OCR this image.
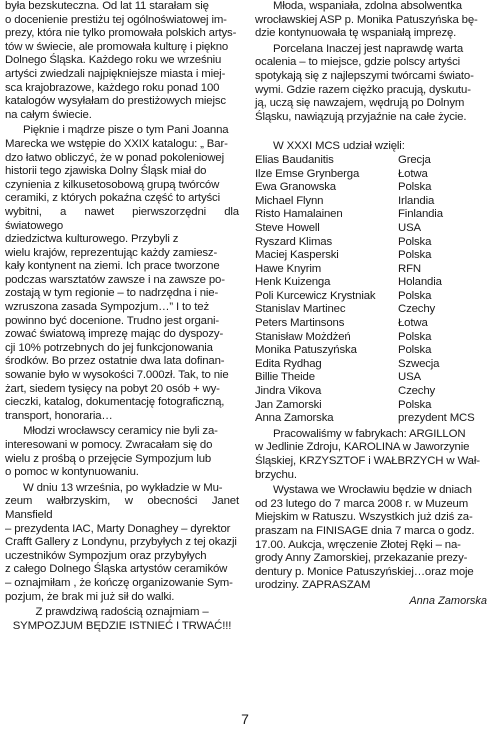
była bezskuteczna. Od lat 11 starałam się
o docenienie prestiżu tej ogólnoświatowej im-
prezy, która nie tylko promowała polskich artys-
tów w świecie, ale promowała kulturę i piękno
Dolnego Śląska. Każdego roku we wrześniu
artyści zwiedzali najpiękniejsze miasta i miej-
sca krajobrazowe, każdego roku ponad 100
katalogów wysyłałam do prestiżowych miejsc
na całym świecie.

Pięknie i mądrze pisze o tym Pani Joanna
Marecka we wstępie do XXIX katalogu: „ Bar-
dzo łatwo obliczyć, że w ponad pokoleniowej
historii tego zjawiska Dolny Śląsk miał do
czynienia z kilkusetosobową grupą twórców
ceramiki, z których pokaźna część to artyści
wybitni, a nawet pierwszorzędni dla światowego
dziedzictwa kulturowego. Przybyli z
wielu krajów, reprezentując każdy zamiesz-
kały kontynent na ziemi. Ich prace tworzone
podczas warsztatów zawsze i na zawsze po-
zostają w tym regionie – to nadrzędna i nie-
wzruszona zasada Sympozjum…” I to też
powinno być docenione. Trudno jest organi-
zować światową imprezę mając do dyspozy-
cji 10% potrzebnych do jej funkcjonowania
środków. Bo przez ostatnie dwa lata dofinan-
sowanie było w wysokości 7.000zł. Tak, to nie
żart, siedem tysięcy na pobyt 20 osób + wy-
cieczki, katalog, dokumentację fotograficzną,
transport, honoraria…

Młodzi wrocławscy ceramicy nie byli za-
interesowani w pomocy. Zwracałam się do
wielu z prośbą o przejęcie Sympozjum lub
o pomoc w kontynuowaniu.

W dniu 13 września, po wykładzie w Mu-
zeum wałbrzyskim, w obecności Janet Mansfield
– prezydenta IAC, Marty Donaghey – dyrektor
Crafft Gallery z Londynu, przybyłych z tej okazji
uczestników Sympozjum oraz przybyłych
z całego Dolnego Śląska artystów ceramików
– oznajmiłam , że kończę organizowanie Sym-
pozjum, że brak mi już sił do walki.

Z prawdziwą radością oznajmiam –

SYMPOZJUM BĘDZIE ISTNIEĆ I TRWAĆ!!!

Młoda, wspaniała, zdolna absolwentka
wrocławskiej ASP p. Monika Patuszyńska bę-
dzie kontynuowała tę wspaniałą imprezę.

Porcelana Inaczej jest naprawdę warta
ocalenia – to miejsce, gdzie polscy artyści
spotykają się z najlepszymi twórcami świato-
wymi. Gdzie razem ciężko pracują, dyskutu-
ją, uczą się nawzajem, wędrują po Dolnym
Śląsku, nawiązują przyjaźnie na całe życie.

W XXXI MCS udział wzięli:

Elias Baudanitis	Grecja
Ilze Emse Grynberga	Łotwa
Ewa Granowska	Polska
Michael Flynn	Irlandia
Risto Hamalainen	Finlandia
Steve Howell	USA
Ryszard Klimas	Polska
Maciej Kasperski	Polska
Hawe Knyrim	RFN
Henk Kuizenga	Holandia
Poli Kurcewicz Krystniak	Polska
Stanislav Martinec	Czechy
Peters Martinsons	Łotwa
Stanisław Możdżeń	Polska
Monika Patuszyńska	Polska
Edita Rydhag	Szwecja
Billie Theide	USA
Jindra Vikova	Czechy
Jan Zamorski	Polska
Anna Zamorska	prezydent MCS

Pracowaliśmy w fabrykach: ARGILLON
w Jedlinie Zdroju, KAROLINA w Jaworzynie
Śląskiej, KRZYSZTOF i WAŁBRZYCH w Wał-
brzychu.

Wystawa we Wrocławiu będzie w dniach
od 23 lutego do 7 marca 2008 r. w Muzeum
Miejskim w Ratuszu. Wszystkich już dziś za-
praszam na FINISAGE dnia 7 marca o godz.
17.00. Aukcja, wręczenie Złotej Ręki – na-
grody Anny Zamorskiej, przekazanie prezy-
dentury p. Monice Patuszyńskiej…oraz moje
urodziny. ZAPRASZAM

Anna Zamorska
7
